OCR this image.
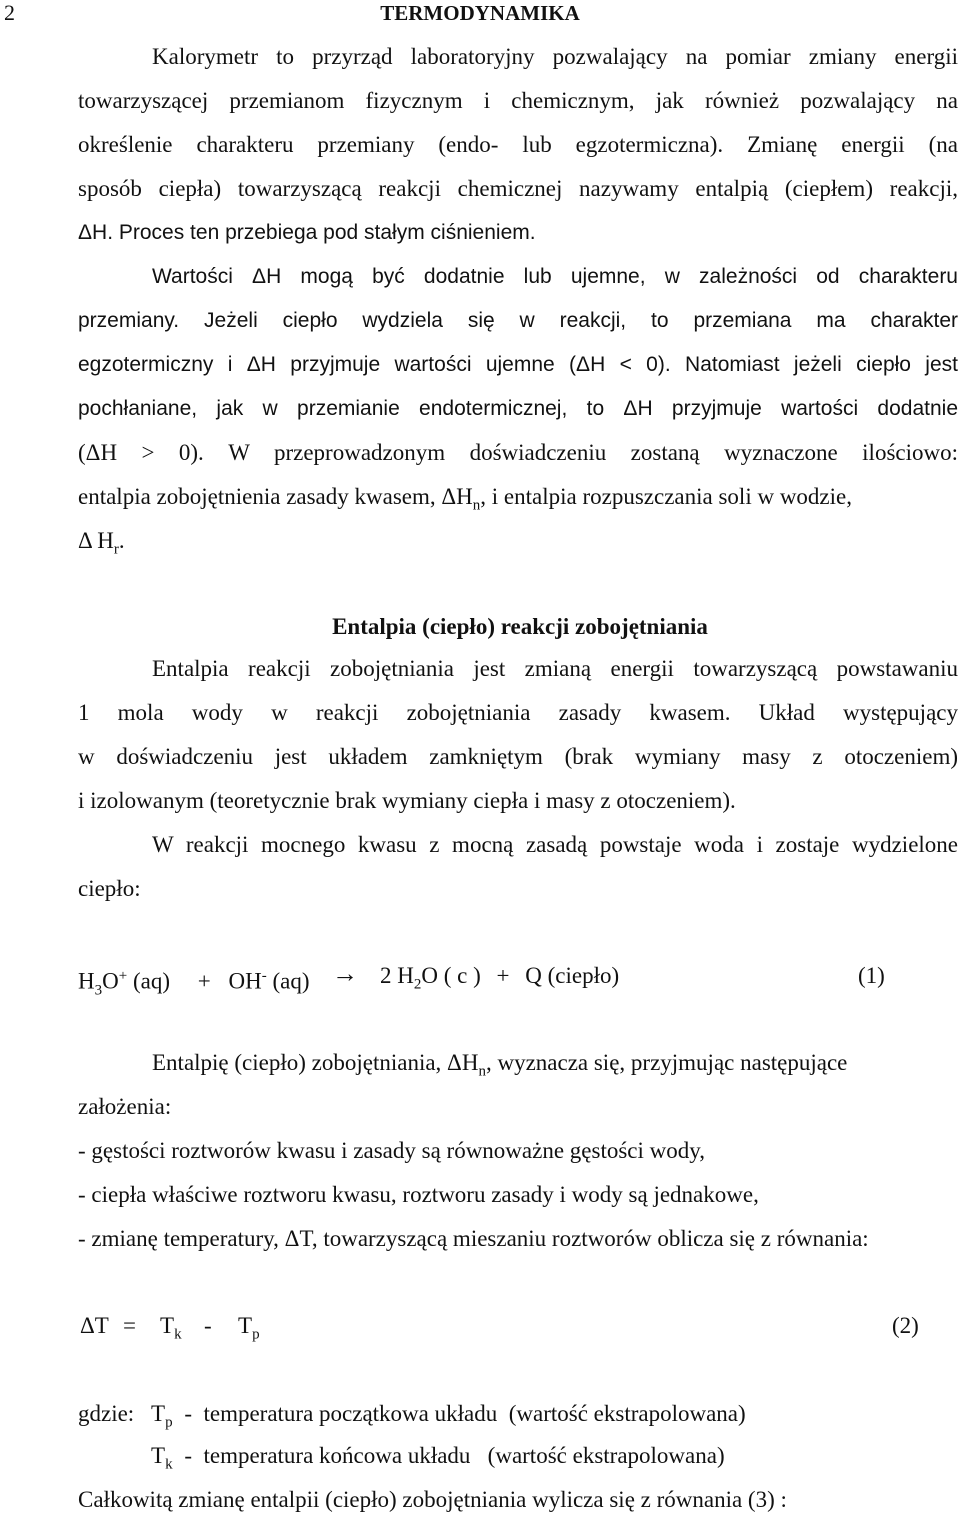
2	TERMODYNAMIKA
Kalorymetr to przyrząd laboratoryjny pozwalający na pomiar zmiany energii
towarzyszącej przemianom fizycznym i chemicznym, jak również pozwalający na
określenie charakteru przemiany (endo- lub egzotermiczna). Zmianę energii (na
sposób ciepła) towarzyszącą reakcji chemicznej nazywamy entalpią (ciepłem) reakcji,
ΔH. Proces ten przebiega pod stałym ciśnieniem.
Wartości ΔH mogą być dodatnie lub ujemne, w zależności od charakteru
przemiany. Jeżeli ciepło wydziela się w reakcji, to przemiana ma charakter
egzotermiczny i ΔH przyjmuje wartości ujemne (ΔH < 0). Natomiast jeżeli ciepło jest
pochłaniane, jak w przemianie endotermicznej, to ΔH przyjmuje wartości dodatnie
(ΔH > 0). W przeprowadzonym doświadczeniu zostaną wyznaczone ilościowo:
entalpia zobojętnienia zasady kwasem, $\Delta H_n$, i entalpia rozpuszczania soli w wodzie,
Δ $H_r$.
Entalpia (ciepło) reakcji zobojętniania
Entalpia reakcji zobojętniania jest zmianą energii towarzyszącą powstawaniu
1 mola wody w reakcji zobojętniania zasady kwasem. Układ występujący
w doświadczeniu jest układem zamkniętym (brak wymiany masy z otoczeniem)
i izolowanym (teoretycznie brak wymiany ciepła i masy z otoczeniem).
W reakcji mocnego kwasu z mocną zasadą powstaje woda i zostaje wydzielone
ciepło:
$H_3O^+$ (aq) + OH- (aq) → 2 $H_2O$ ( c ) + Q (ciepło)	(1)
Entalpię (ciepło) zobojętniania, $\Delta H_n$, wyznacza się, przyjmując następujące
założenia:
- gęstości roztworów kwasu i zasady są równoważne gęstości wody,
- ciepła właściwe roztworu kwasu, roztworu zasady i wody są jednakowe,
- zmianę temperatury, ΔT, towarzyszącą mieszaniu roztworów oblicza się z równania:
$\Delta T = T_k - T_p$	(2)
gdzie: $T_p$ -  temperatura początkowa układu  (wartość ekstrapolowana)
$T_k$ -  temperatura końcowa układu   (wartość ekstrapolowana)
Całkowitą zmianę entalpii (ciepło) zobojętniania wylicza się z równania (3) :
